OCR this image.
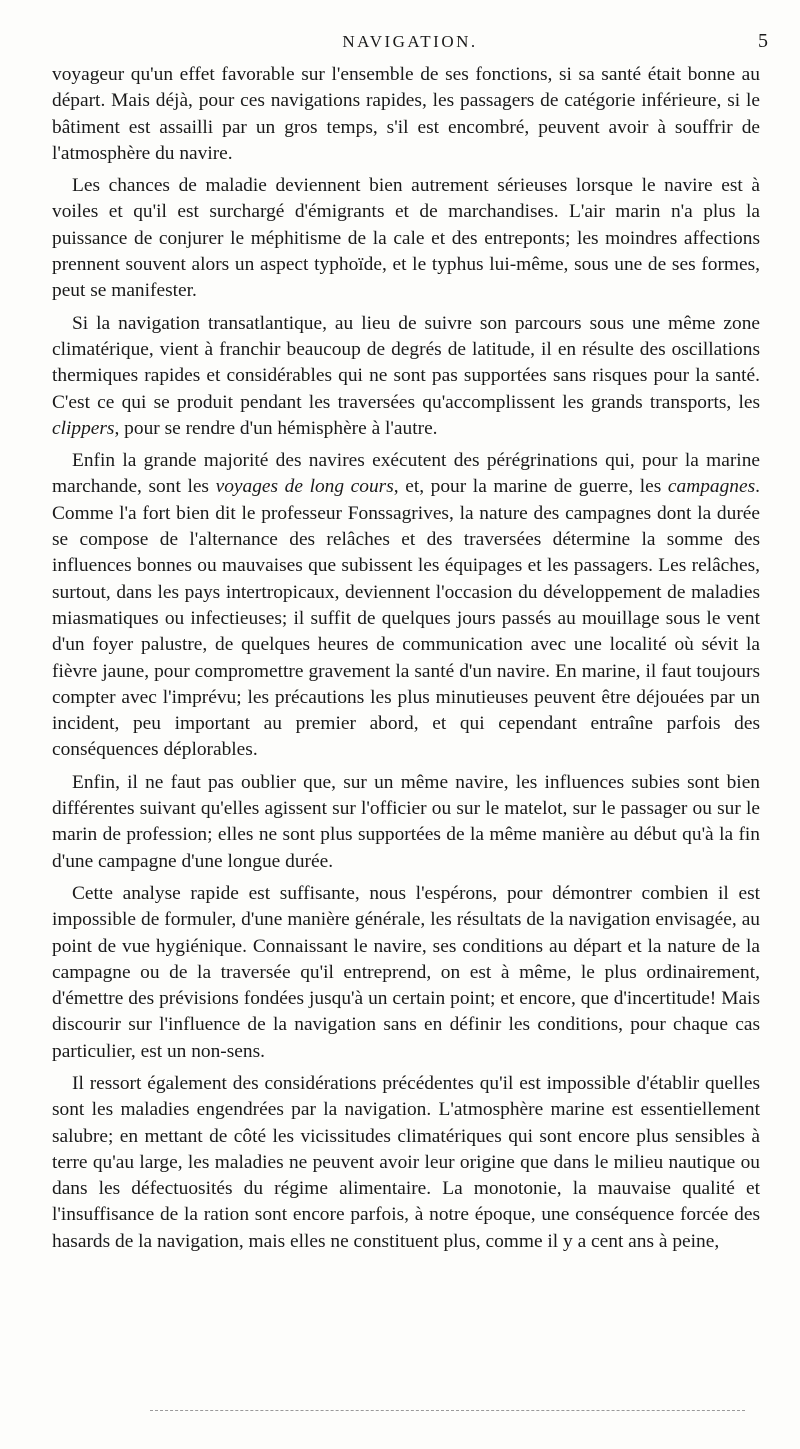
NAVIGATION.	5

voyageur qu'un effet favorable sur l'ensemble de ses fonctions, si sa santé était bonne au départ. Mais déjà, pour ces navigations rapides, les passagers de catégorie inférieure, si le bâtiment est assailli par un gros temps, s'il est encombré, peuvent avoir à souffrir de l'atmosphère du navire.

Les chances de maladie deviennent bien autrement sérieuses lorsque le navire est à voiles et qu'il est surchargé d'émigrants et de marchandises. L'air marin n'a plus la puissance de conjurer le méphitisme de la cale et des entreponts; les moindres affections prennent souvent alors un aspect typhoïde, et le typhus lui-même, sous une de ses formes, peut se manifester.

Si la navigation transatlantique, au lieu de suivre son parcours sous une même zone climatérique, vient à franchir beaucoup de degrés de latitude, il en résulte des oscillations thermiques rapides et considérables qui ne sont pas supportées sans risques pour la santé. C'est ce qui se produit pendant les traversées qu'accomplissent les grands transports, les clippers, pour se rendre d'un hémisphère à l'autre.

Enfin la grande majorité des navires exécutent des pérégrinations qui, pour la marine marchande, sont les voyages de long cours, et, pour la marine de guerre, les campagnes. Comme l'a fort bien dit le professeur Fonssagrives, la nature des campagnes dont la durée se compose de l'alternance des relâches et des traversées détermine la somme des influences bonnes ou mauvaises que subissent les équipages et les passagers. Les relâches, surtout, dans les pays intertropicaux, deviennent l'occasion du développement de maladies miasmatiques ou infectieuses; il suffit de quelques jours passés au mouillage sous le vent d'un foyer palustre, de quelques heures de communication avec une localité où sévit la fièvre jaune, pour compromettre gravement la santé d'un navire. En marine, il faut toujours compter avec l'imprévu; les précautions les plus minutieuses peuvent être déjouées par un incident, peu important au premier abord, et qui cependant entraîne parfois des conséquences déplorables.

Enfin, il ne faut pas oublier que, sur un même navire, les influences subies sont bien différentes suivant qu'elles agissent sur l'officier ou sur le matelot, sur le passager ou sur le marin de profession; elles ne sont plus supportées de la même manière au début qu'à la fin d'une campagne d'une longue durée.

Cette analyse rapide est suffisante, nous l'espérons, pour démontrer combien il est impossible de formuler, d'une manière générale, les résultats de la navigation envisagée, au point de vue hygiénique. Connaissant le navire, ses conditions au départ et la nature de la campagne ou de la traversée qu'il entreprend, on est à même, le plus ordinairement, d'émettre des prévisions fondées jusqu'à un certain point; et encore, que d'incertitude! Mais discourir sur l'influence de la navigation sans en définir les conditions, pour chaque cas particulier, est un non-sens.

Il ressort également des considérations précédentes qu'il est impossible d'établir quelles sont les maladies engendrées par la navigation. L'atmosphère marine est essentiellement salubre; en mettant de côté les vicissitudes climatériques qui sont encore plus sensibles à terre qu'au large, les maladies ne peuvent avoir leur origine que dans le milieu nautique ou dans les défectuosités du régime alimentaire. La monotonie, la mauvaise qualité et l'insuffisance de la ration sont encore parfois, à notre époque, une conséquence forcée des hasards de la navigation, mais elles ne constituent plus, comme il y a cent ans à peine,
